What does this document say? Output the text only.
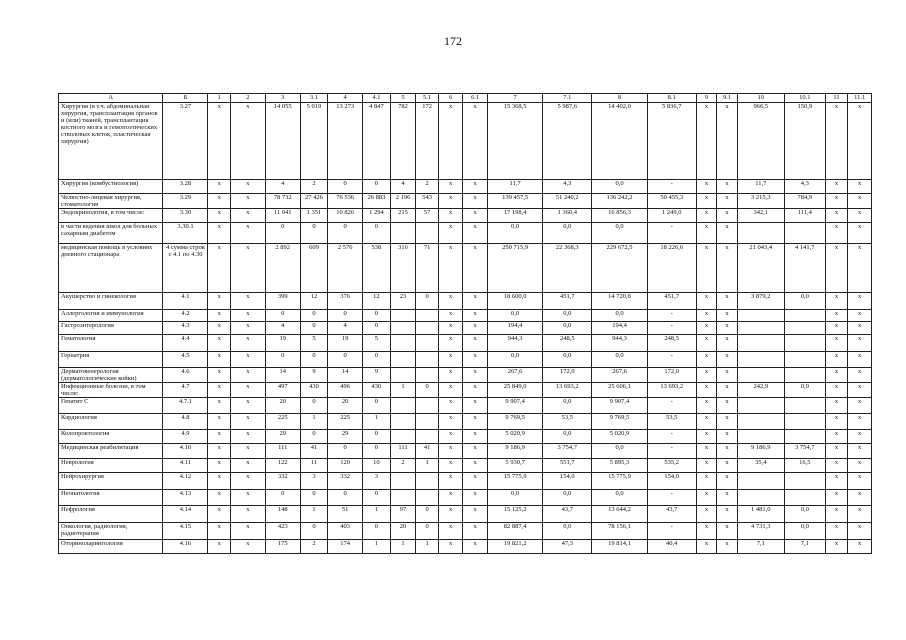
172
А	Б	1	2	3	3.1	4	4.1	5	5.1	6	6.1	7	7.1	8	8.1	9	9.1	10	10.1	11	11.1
Хирургия (в т.ч. абдоминальная хирургия, трансплантация органов и (или) тканей, трансплантация костного мозга и гемопоэтических стволовых клеток, пластическая хирургия)	3.27	х	х	14 055	5 019	13 273	4 847	782	172	х	х	15 368,5	5 987,6	14 402,0	5 836,7	х	х	966,5	150,9	х	х
Хирургия (комбустиология)	3.28	х	х	4	2	0	0	4	2	х	х	11,7	4,3	0,0	-	х	х	11,7	4,3	х	х
Челюстно-лицевая хирургия, стоматология	3.29	х	х	78 732	27 426	76 536	26 883	2 196	543	х	х	139 457,5	51 240,2	136 242,2	50 455,3	х	х	3 215,3	784,9	х	х
Эндокринология, в том числе:	3.30	х	х	11 041	1 351	10 826	1 294	215	57	х	х	17 198,4	1 360,4	16 856,3	1 249,0	х	х	342,1	111,4	х	х
в части ведения школ для больных сахарным диабетом	3.30.1	х	х	0	0	0	0			х	х	0,0	0,0	0,0	-	х	х			х	х
медицинская помощь в условиях дневного стационара	4 сумма строк с 4.1 по 4.30	х	х	2 892	609	2 576	538	316	71	х	х	250 715,9	22 368,3	229 672,5	18 226,6	х	х	21 043,4	4 141,7	х	х
Акушерство и гинекология	4.1	х	х	399	12	376	12	23	0	х	х	18 600,0	451,7	14 720,8	451,7	х	х	3 879,2	0,0	х	х
Аллергология и иммунология	4.2	х	х	0	0	0	0			х	х	0,0	0,0	0,0	-	х	х			х	х
Гастроэнтерология	4.3	х	х	4	0	4	0			х	х	194,4	0,0	194,4	-	х	х			х	х
Гематология	4.4	х	х	19	5	19	5			х	х	944,3	248,5	944,3	248,5	х	х			х	х
Гериатрия	4.5	х	х	0	0	0	0			х	х	0,0	0,0	0,0	-	х	х			х	х
Дерматовенерология (дерматологические койки)	4.6	х	х	14	9	14	9			х	х	267,6	172,0	267,6	172,0	х	х			х	х
Инфекционные болезни, в том числе:	4.7	х	х	497	430	496	430	1	0	х	х	25 849,0	13 693,2	25 606,1	13 693,2	х	х	242,9	0,0	х	х
Гепатит С	4.7.1	х	х	20	0	20	0			х	х	9 907,4	0,0	9 907,4	-	х	х			х	х
Кардиология	4.8	х	х	225	1	225	1			х	х	9 769,5	53,5	9 769,5	53,5	х	х			х	х
Колопроктология	4.9	х	х	29	0	29	0			х	х	5 020,9	0,0	5 020,9	-	х	х			х	х
Медицинская реабилитация	4.10	х	х	111	41	0	0	111	41	х	х	9 186,9	3 754,7	0,0	-	х	х	9 186,9	3 754,7	х	х
Неврология	4.11	х	х	122	11	120	10	2	1	х	х	5 930,7	551,7	5 895,3	535,2	х	х	35,4	16,5	х	х
Нейрохирургия	4.12	х	х	332	3	332	3			х	х	15 775,9	154,0	15 775,9	154,0	х	х			х	х
Неонатология	4.13	х	х	0	0	0	0			х	х	0,0	0,0	0,0	-	х	х			х	х
Нефрология	4.14	х	х	148	1	51	1	97	0	х	х	15 125,2	43,7	13 644,2	43,7	х	х	1 481,0	0,0	х	х
Онкология, радиология, радиотерапия	4.15	х	х	423	0	403	0	20	0	х	х	82 887,4	0,0	78 156,1	-	х	х	4 731,3	0,0	х	х
Оториноларингология	4.16	х	х	175	2	174	1	1	1	х	х	19 821,2	47,3	19 814,1	40,4	х	х	7,1	7,1	х	х
